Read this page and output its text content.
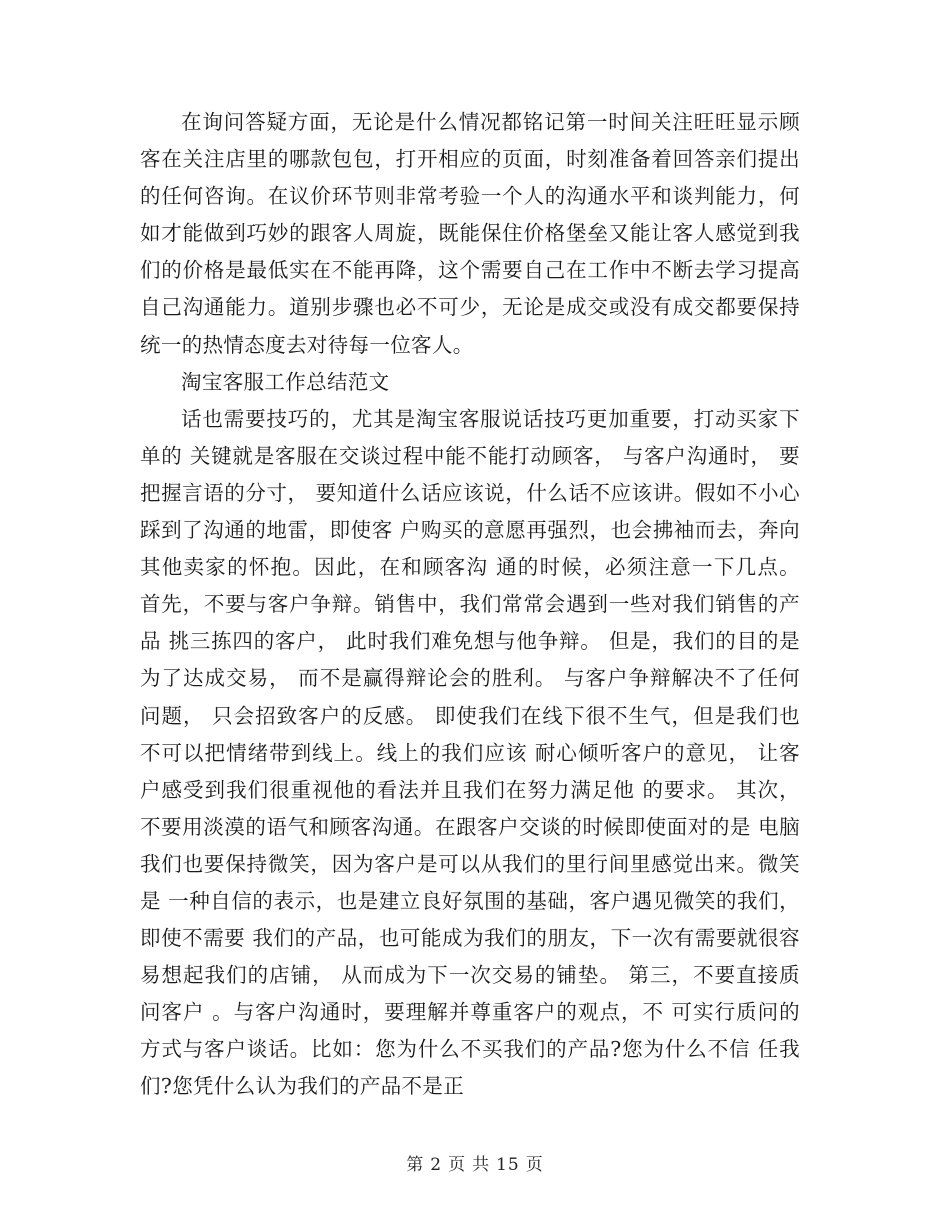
在询问答疑方面，无论是什么情况都铭记第一时间关注旺旺显示顾客在关注店里的哪款包包，打开相应的页面，时刻准备着回答亲们提出的任何咨询。在议价环节则非常考验一个人的沟通水平和谈判能力，何如才能做到巧妙的跟客人周旋，既能保住价格堡垒又能让客人感觉到我们的价格是最低实在不能再降，这个需要自己在工作中不断去学习提高自己沟通能力。道别步骤也必不可少，无论是成交或没有成交都要保持统一的热情态度去对待每一位客人。

淘宝客服工作总结范文

话也需要技巧的，尤其是淘宝客服说话技巧更加重要，打动买家下单的 关键就是客服在交谈过程中能不能打动顾客， 与客户沟通时， 要把握言语的分寸， 要知道什么话应该说，什么话不应该讲。假如不小心踩到了沟通的地雷，即使客 户购买的意愿再强烈，也会拂袖而去，奔向其他卖家的怀抱。因此，在和顾客沟 通的时候，必须注意一下几点。 首先，不要与客户争辩。销售中，我们常常会遇到一些对我们销售的产品 挑三拣四的客户， 此时我们难免想与他争辩。 但是，我们的目的是为了达成交易， 而不是赢得辩论会的胜利。 与客户争辩解决不了任何问题， 只会招致客户的反感。 即使我们在线下很不生气，但是我们也不可以把情绪带到线上。线上的我们应该 耐心倾听客户的意见， 让客户感受到我们很重视他的看法并且我们在努力满足他 的要求。 其次，不要用淡漠的语气和顾客沟通。在跟客户交谈的时候即使面对的是 电脑我们也要保持微笑，因为客户是可以从我们的里行间里感觉出来。微笑是 一种自信的表示，也是建立良好氛围的基础，客户遇见微笑的我们，即使不需要 我们的产品，也可能成为我们的朋友，下一次有需要就很容易想起我们的店铺， 从而成为下一次交易的铺垫。 第三，不要直接质问客户 。与客户沟通时，要理解并尊重客户的观点，不 可实行质问的方式与客户谈话。比如：您为什么不买我们的产品?您为什么不信 任我们?您凭什么认为我们的产品不是正

第 2 页 共 15 页
